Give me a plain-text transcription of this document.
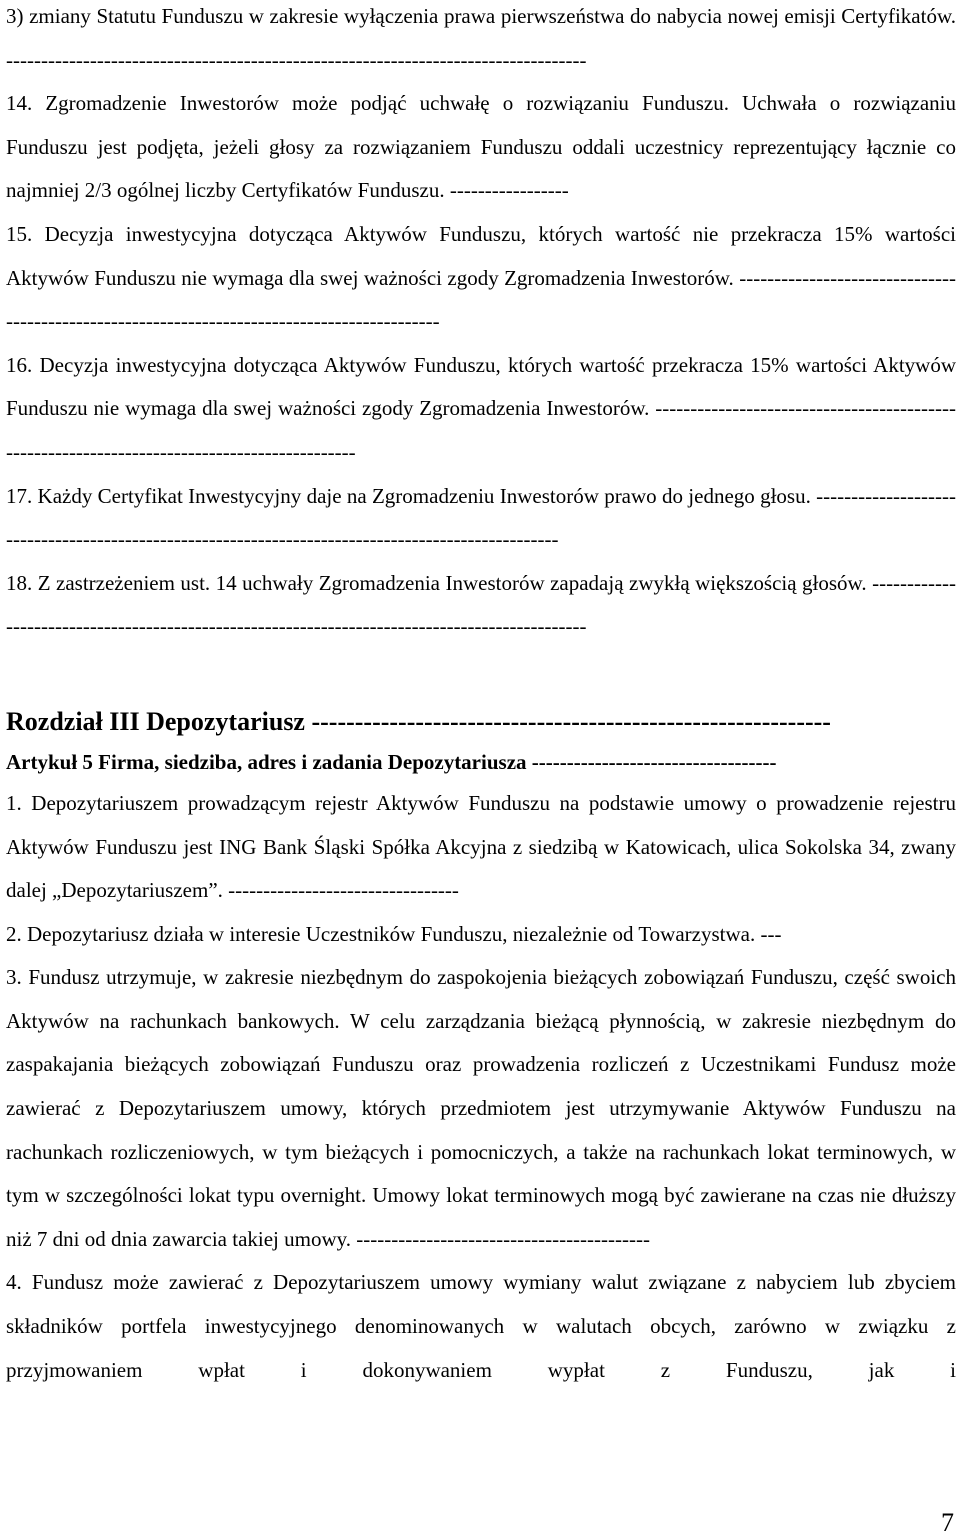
3) zmiany Statutu Funduszu w zakresie wyłączenia prawa pierwszeństwa do nabycia nowej emisji Certyfikatów. -----------------------------------------------------------------------------------

14. Zgromadzenie Inwestorów może podjąć uchwałę o rozwiązaniu Funduszu. Uchwała o rozwiązaniu Funduszu jest podjęta, jeżeli głosy za rozwiązaniem Funduszu oddali uczestnicy reprezentujący łącznie co najmniej 2/3 ogólnej liczby Certyfikatów Funduszu. -----------------

15. Decyzja inwestycyjna dotycząca Aktywów Funduszu, których wartość nie przekracza 15% wartości Aktywów Funduszu nie wymaga dla swej ważności zgody Zgromadzenia Inwestorów. ---------------------------------------------------------------------------------------------

16. Decyzja inwestycyjna dotycząca Aktywów Funduszu, których wartość przekracza 15% wartości Aktywów Funduszu nie wymaga dla swej ważności zgody Zgromadzenia Inwestorów. ---------------------------------------------------------------------------------------------

17. Każdy Certyfikat Inwestycyjny daje na Zgromadzeniu Inwestorów prawo do jednego głosu. ---------------------------------------------------------------------------------------------------

18. Z zastrzeżeniem ust. 14 uchwały Zgromadzenia Inwestorów zapadają zwykłą większością głosów. -----------------------------------------------------------------------------------------------

Rozdział III Depozytariusz ------------------------------------------------------------

Artykuł 5 Firma, siedziba, adres i zadania Depozytariusza -----------------------------------

1. Depozytariuszem prowadzącym rejestr Aktywów Funduszu na podstawie umowy o prowadzenie rejestru Aktywów Funduszu jest ING Bank Śląski Spółka Akcyjna z siedzibą w Katowicach, ulica Sokolska 34, zwany dalej „Depozytariuszem”. ---------------------------------

2. Depozytariusz działa w interesie Uczestników Funduszu, niezależnie od Towarzystwa. ---

3. Fundusz utrzymuje, w zakresie niezbędnym do zaspokojenia bieżących zobowiązań Funduszu, część swoich Aktywów na rachunkach bankowych. W celu zarządzania bieżącą płynnością, w zakresie niezbędnym do zaspakajania bieżących zobowiązań Funduszu oraz prowadzenia rozliczeń z Uczestnikami Fundusz może zawierać z Depozytariuszem umowy, których przedmiotem jest utrzymywanie Aktywów Funduszu na rachunkach rozliczeniowych, w tym bieżących i pomocniczych, a także na rachunkach lokat terminowych, w tym w szczególności lokat typu overnight. Umowy lokat terminowych mogą być zawierane na czas nie dłuższy niż 7 dni od dnia zawarcia takiej umowy. ------------------------------------------

4. Fundusz może zawierać z Depozytariuszem umowy wymiany walut związane z nabyciem lub zbyciem składników portfela inwestycyjnego denominowanych w walutach obcych, zarówno w związku z przyjmowaniem wpłat i dokonywaniem wypłat z Funduszu, jak i

7
